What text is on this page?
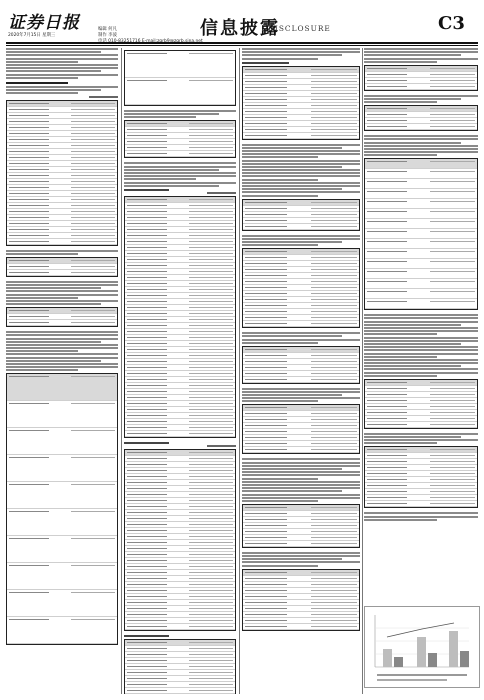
证券日报
2020年7月15日 星期三
编辑 何凡
制作 李波	信息披露
DISCLOSURE	C3
